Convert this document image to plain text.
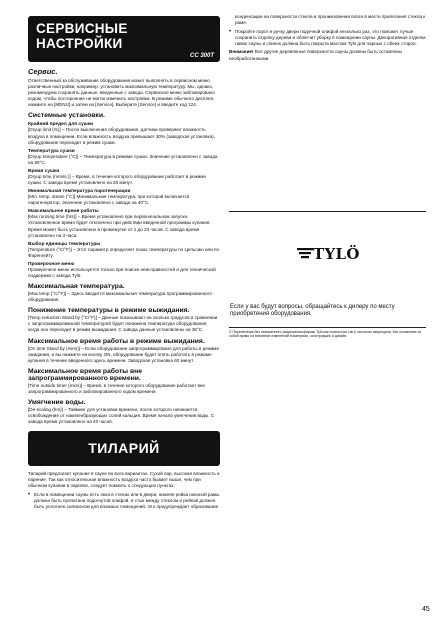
СЕРВИСНЫЕ НАСТРОЙКИ
CC 300T
Сервис.

Ответственный за обслуживание оборудования может выполнять в сервисном меню различные настройки, например, установить максимальную температуру. Мы, однако, рекомендуем сохранять данные, введенные с завода. Сервисное меню заблокировано кодом, чтобы посторонние не могли изменить настройки. В режиме обычного дисплея, нажмите на [MENU] и затем на [Service]. Выберите [Service] и введите код 124.

Системные установки.
Крайний предел для сушки

[Dryup limit (%)] – После выключения оборудования, датчики проверяют влажность воздуха в помещении. Если влажность воздуха превышает 30% (заводская установка), оборудование переходит в режим сушки.

Температура сушки

[Dryup temperature (°C)] – Температура в режиме сушки. Значение установлено с завода на 80°C.

Время сушки

[Dryup time (mmss.)] – Время, в течение которого оборудование работает в режиме сушки. С завода время установлено на 20 минут.

Минимальная температура парогенерации

[Min. temp. steam (°C)] Минимальная температура, при которой включается парогенератор. Значение установлено с завода на 40°C.

Максимальное время работы

[Max running time (hrs)] – Время установлено при первоначальном запуске. Установленное время будет отключено при действии введенной программы купания. Время может быть установлено в промежутке от 1 до 24 часов. С завода время установлено на 3 часа.

Выбор единицы температуры

[Temperature (°C/°F)] – Этот параметр определяет показ температуры по Цельсию или по Фаренгейту.

Проверочное меню

Проверочное меню используется только при поиске неисправностей и для технической поддержки с завода Tylö.

Максимальная температура.

[Max temp (°C/°F)] – Здесь вводится максимальная температура программированного оборудования.

Понижение температуры в режиме выжидания.

[Temp reduction Stand by (°C/°F)] – Данные показывают на сколько градусов в сравнении с запрограммированной температурой будет понижена температура оборудования, когда оно переходит в режим выжидания. С завода данные установлены на 36°C.

Максимальное время работы в режиме выжидания.

[On time Stand by (mins)] – Если оборудование запрограммировано для работы в режиме ожидания, и вы нажмете на кнопку ON, оборудование будет опять работать в режиме купания в течение введенного здесь времени. Заводская установка 60 минут.

Максимальное время работы вне запрограммированного времени.

[Time outside timer (mins)] – Время, в течение которого оборудование работает вне запрограммированного и заблокированного кодом времени.

Умягчение воды.

[De-scaling (hrs)] – Тайминг для установки времени, после которого начинается освобождение от накипеобразующих солей кальция. Время начала умягчения воды. С завода время установлено на 40 часов.

ТИЛАРИЙ

Тиларий предлагает купание в сауне во всех вариантах. Сухой пар, высокая влажность и парение. Так как относительная влажность воздуха часто бывает выше, чем при обычном купании в парилке, следует помнить о следующих пунктах:

• Если в помещении сауны есть окна в стенах или в двери, нижняя рейка оконной рамы должна быть пропитана подогнутой олифой, и стык между стеклом и рейкой должен быть уплотнен силиконом для влажных помещений. Это предупреждает образование

конденсации на поверхности стекла и проникновения влаги в месте прилегания стекла к раме.

• Покройте порог и ручку двери подочной олифой несколько раз, это поможет лучше сохранить отделку дерева и облегчит уборку в помещении сауны. Декоративная отделка лавок сауны и спинок должна быть покрыта маслом Tylö для парных с обеих сторон.

Внимание! Все другие деревянные поверхности сауны должны быть оставлены необработанными.

TYLÖ
Если у вас будут вопросы, обращайтесь к дилеру по месту приобретения оборудования.
© Перепечатка без письменного разрешения фирмы Tylö как полностью так и частично запрещена. Мы оставляем за собой право на внесение изменений в материал, конструкцию и дизайн.
45
